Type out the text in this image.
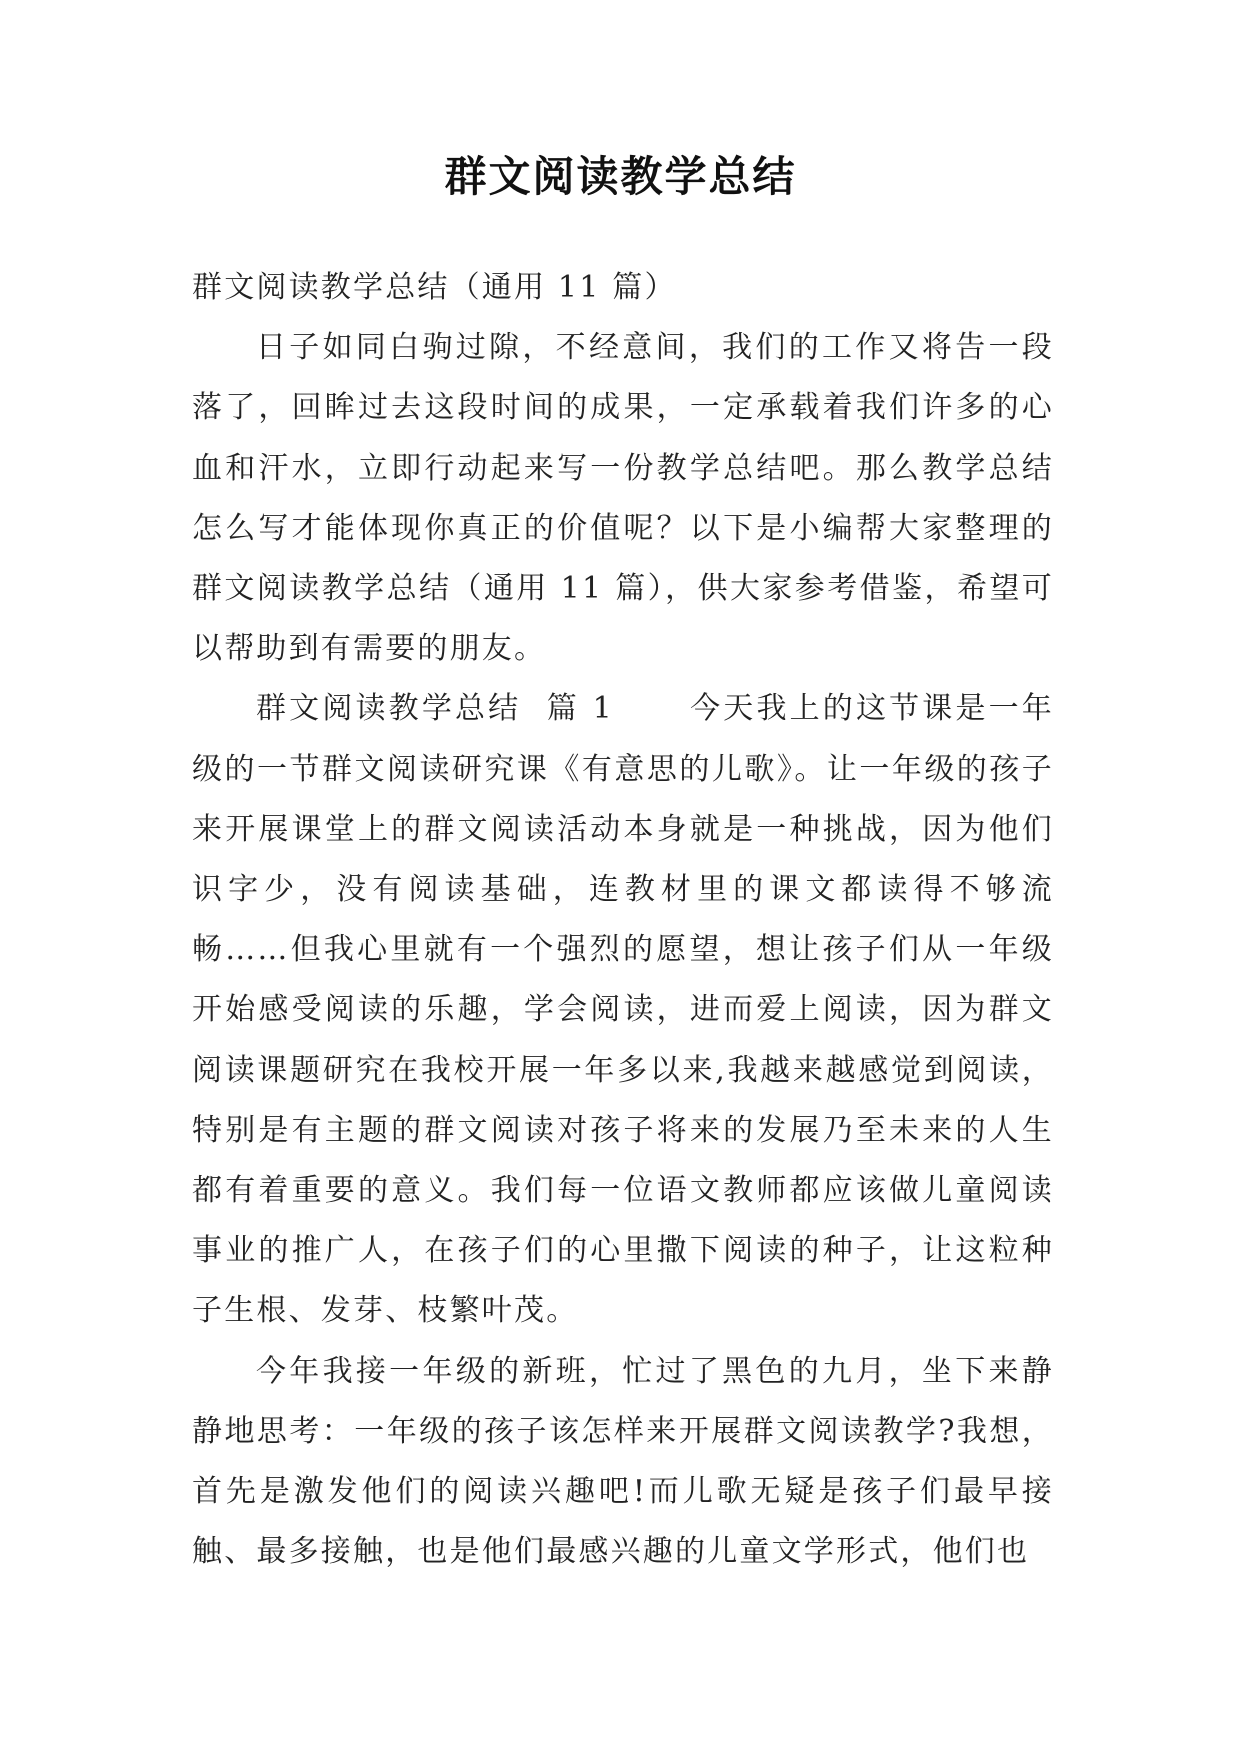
群文阅读教学总结

群文阅读教学总结（通用 11 篇）

日子如同白驹过隙，不经意间，我们的工作又将告一段落了，回眸过去这段时间的成果，一定承载着我们许多的心血和汗水，立即行动起来写一份教学总结吧。那么教学总结怎么写才能体现你真正的价值呢？以下是小编帮大家整理的群文阅读教学总结（通用 11 篇），供大家参考借鉴，希望可以帮助到有需要的朋友。

群文阅读教学总结  篇 1      今天我上的这节课是一年级的一节群文阅读研究课《有意思的儿歌》。让一年级的孩子来开展课堂上的群文阅读活动本身就是一种挑战，因为他们识字少，没有阅读基础，连教材里的课文都读得不够流畅……但我心里就有一个强烈的愿望，想让孩子们从一年级开始感受阅读的乐趣，学会阅读，进而爱上阅读，因为群文阅读课题研究在我校开展一年多以来,我越来越感觉到阅读，特别是有主题的群文阅读对孩子将来的发展乃至未来的人生都有着重要的意义。我们每一位语文教师都应该做儿童阅读事业的推广人，在孩子们的心里撒下阅读的种子，让这粒种子生根、发芽、枝繁叶茂。

今年我接一年级的新班，忙过了黑色的九月，坐下来静静地思考：一年级的孩子该怎样来开展群文阅读教学?我想，首先是激发他们的阅读兴趣吧!而儿歌无疑是孩子们最早接触、最多接触，也是他们最感兴趣的儿童文学形式，他们也
